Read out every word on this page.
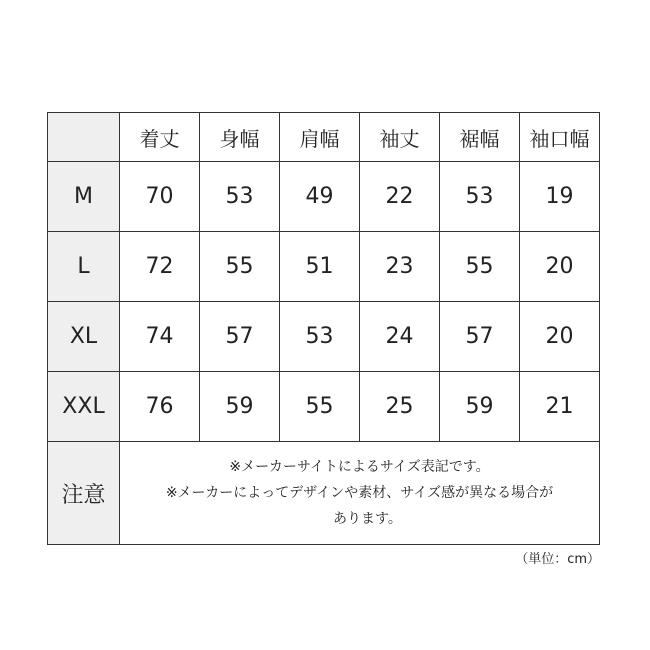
	着丈	身幅	肩幅	袖丈	裾幅	袖口幅
M	70	53	49	22	53	19
L	72	55	51	23	55	20
XL	74	57	53	24	57	20
XXL	76	59	55	25	59	21
注意	※メーカーサイトによるサイズ表記です。
※メーカーによってデザインや素材、サイズ感が異なる場合が
あります。					
（単位：cm）
